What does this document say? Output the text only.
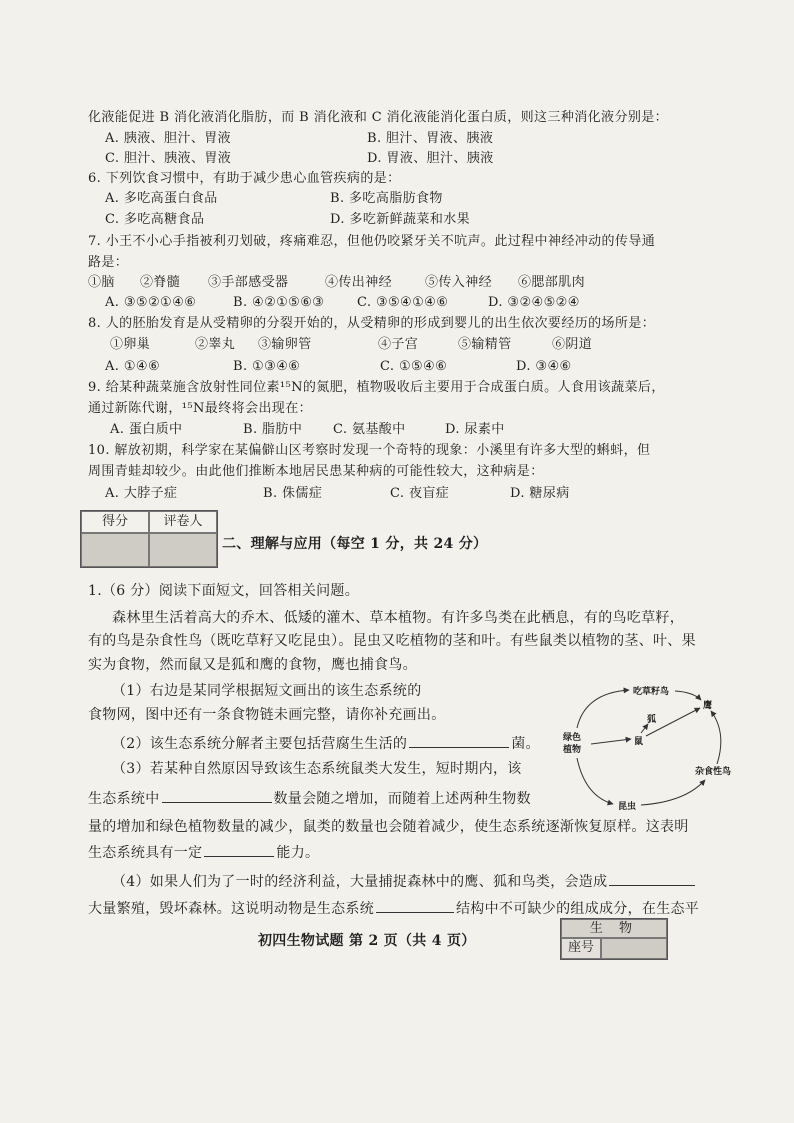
化液能促进 B 消化液消化脂肪，而 B 消化液和 C 消化液能消化蛋白质，则这三种消化液分别是：
A. 胰液、胆汁、胃液	B. 胆汁、胃液、胰液
C. 胆汁、胰液、胃液	D. 胃液、胆汁、胰液
6. 下列饮食习惯中，有助于减少患心血管疾病的是：
A. 多吃高蛋白食品	B. 多吃高脂肪食物
C. 多吃高糖食品	D. 多吃新鲜蔬菜和水果
7. 小王不小心手指被利刃划破，疼痛难忍，但他仍咬紧牙关不吭声。此过程中神经冲动的传导通
路是：
①脑 ②脊髓 ③手部感受器	④传出神经	⑤传入神经 ⑥腮部肌肉
A. ③⑤②①④⑥	B. ④②①⑤⑥③	C. ③⑤④①④⑥	D. ③②④⑤②④
8. 人的胚胎发育是从受精卵的分裂开始的，从受精卵的形成到婴儿的出生依次要经历的场所是：
①卵巢	②睾丸 ③输卵管	④子宫	⑤输精管	⑥阴道
A. ①④⑥	B. ①③④⑥	C. ①⑤④⑥	D. ③④⑥
9. 给某种蔬菜施含放射性同位素¹⁵N的氮肥，植物吸收后主要用于合成蛋白质。人食用该蔬菜后，
通过新陈代谢，¹⁵N最终将会出现在：
A. 蛋白质中	B. 脂肪中 C. 氨基酸中	D. 尿素中
10. 解放初期，科学家在某偏僻山区考察时发现一个奇特的现象：小溪里有许多大型的蝌蚪，但
周围青蛙却较少。由此他们推断本地居民患某种病的可能性较大，这种病是：
A. 大脖子症	B. 侏儒症	C. 夜盲症	D. 糖尿病
得分	评卷人
二、理解与应用（每空 1 分，共 24 分）
1.（6 分）阅读下面短文，回答相关问题。
森林里生活着高大的乔木、低矮的灌木、草本植物。有许多鸟类在此栖息，有的鸟吃草籽，
有的鸟是杂食性鸟（既吃草籽又吃昆虫）。昆虫又吃植物的茎和叶。有些鼠类以植物的茎、叶、果
实为食物，然而鼠又是狐和鹰的食物，鹰也捕食鸟。
（1）右边是某同学根据短文画出的该生态系统的
食物网，图中还有一条食物链未画完整，请你补充画出。
（2）该生态系统分解者主要包括营腐生生活的	菌。
（3）若某种自然原因导致该生态系统鼠类大发生，短时期内，该
生态系统中	数量会随之增加，而随着上述两种生物数
量的增加和绿色植物数量的减少，鼠类的数量也会随着减少，使生态系统逐渐恢复原样。这表明
生态系统具有一定	能力。
（4）如果人们为了一时的经济利益，大量捕捉森林中的鹰、狐和鸟类，会造成
大量繁殖，毁坏森林。这说明动物是生态系统	结构中不可缺少的组成成分，在生态平
吃草籽鸟
鹰
狐
绿色
植物
鼠
杂食性鸟
昆虫
初四生物试题 第 2 页（共 4 页）
生 物
座号
